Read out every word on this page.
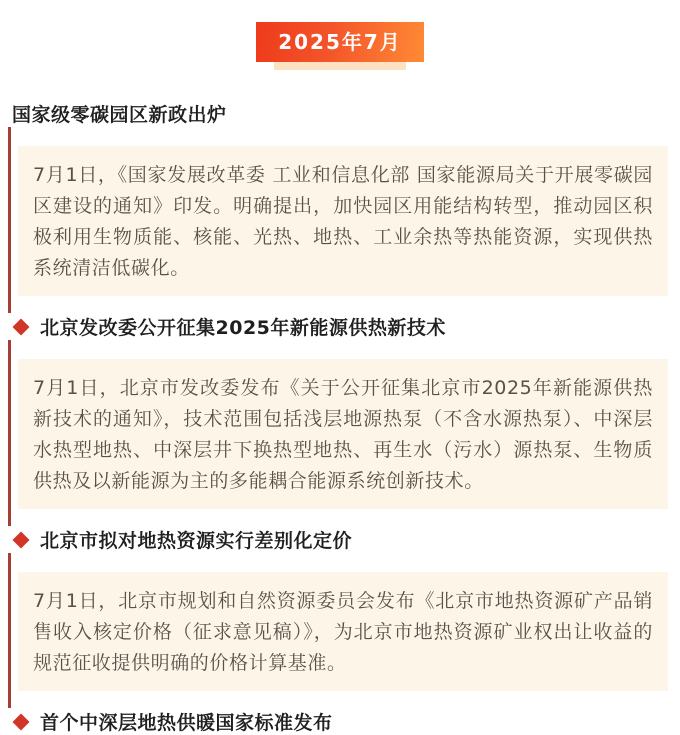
2025年7月
国家级零碳园区新政出炉

7月1日，《国家发展改革委 工业和信息化部 国家能源局关于开展零碳园区建设的通知》印发。明确提出，加快园区用能结构转型，推动园区积极利用生物质能、核能、光热、地热、工业余热等热能资源，实现供热系统清洁低碳化。

北京发改委公开征集2025年新能源供热新技术

7月1日，北京市发改委发布《关于公开征集北京市2025年新能源供热新技术的通知》，技术范围包括浅层地源热泵（不含水源热泵）、中深层水热型地热、中深层井下换热型地热、再生水（污水）源热泵、生物质供热及以新能源为主的多能耦合能源系统创新技术。

北京市拟对地热资源实行差别化定价

7月1日，北京市规划和自然资源委员会发布《北京市地热资源矿产品销售收入核定价格（征求意见稿）》，为北京市地热资源矿业权出让收益的规范征收提供明确的价格计算基准。

首个中深层地热供暖国家标准发布
